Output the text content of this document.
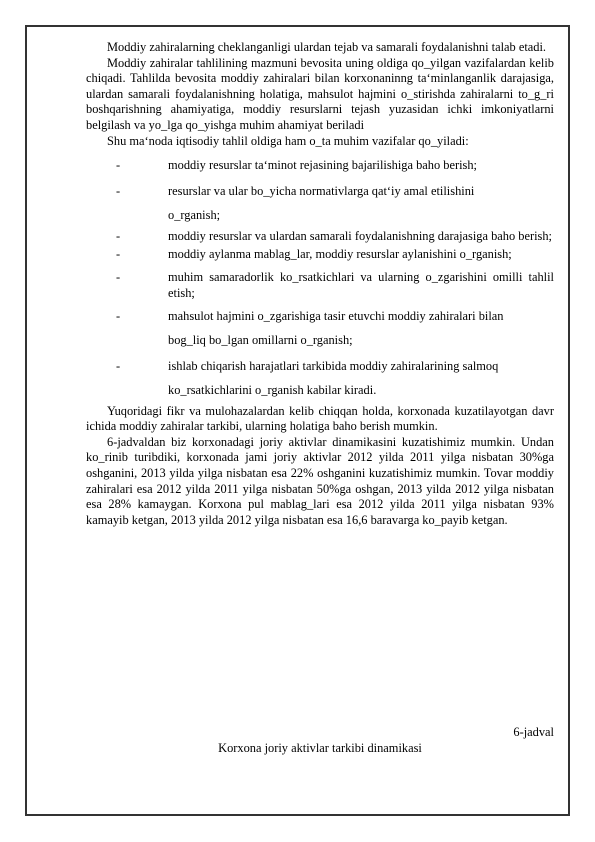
Moddiy zahiralarning cheklanganligi ulardan tejab va samarali foydalanishni talab etadi.

Moddiy zahiralar tahlilining mazmuni bevosita uning oldiga qo_yilgan vazifalardan kelib chiqadi. Tahlilda bevosita moddiy zahiralari bilan korxonaninng ta‘minlanganlik darajasiga, ulardan samarali foydalanishning holatiga, mahsulot hajmini o_stirishda zahiralarni to_g_ri boshqarishning ahamiyatiga, moddiy resurslarni tejash yuzasidan ichki imkoniyatlarni belgilash va yo_lga qo_yishga muhim ahamiyat beriladi

Shu ma‘noda iqtisodiy tahlil oldiga ham o_ta muhim vazifalar qo_yiladi:

-	moddiy resurslar ta‘minot rejasining bajarilishiga baho berish;
-	resurslar va ular bo_yicha normativlarga qat‘iy amal etilishini o_rganish;
-	moddiy resurslar va ulardan samarali foydalanishning darajasiga baho berish;
-	moddiy aylanma mablag_lar, moddiy resurslar aylanishini o_rganish;
-	muhim samaradorlik ko_rsatkichlari va ularning o_zgarishini omilli tahlil etish;
-	mahsulot hajmini o_zgarishiga tasir etuvchi moddiy zahiralari bilan bog_liq bo_lgan omillarni o_rganish;
-	ishlab chiqarish harajatlari tarkibida moddiy zahiralarining salmoq ko_rsatkichlarini o_rganish kabilar kiradi.

Yuqoridagi fikr va mulohazalardan kelib chiqqan holda, korxonada kuzatilayotgan davr ichida moddiy zahiralar tarkibi, ularning holatiga baho berish mumkin.

6-jadvaldan biz korxonadagi joriy aktivlar dinamikasini kuzatishimiz mumkin. Undan ko_rinib turibdiki, korxonada jami joriy aktivlar 2012 yilda 2011 yilga nisbatan 30%ga oshganini, 2013 yilda yilga nisbatan esa 22% oshganini kuzatishimiz mumkin. Tovar moddiy zahiralari esa 2012 yilda 2011 yilga nisbatan 50%ga oshgan, 2013 yilda 2012 yilga nisbatan esa 28% kamaygan. Korxona pul mablag_lari esa 2012 yilda 2011 yilga nisbatan 93% kamayib ketgan, 2013 yilda 2012 yilga nisbatan esa 16,6 baravarga ko_payib ketgan.

6-jadval
Korxona joriy aktivlar tarkibi dinamikasi
